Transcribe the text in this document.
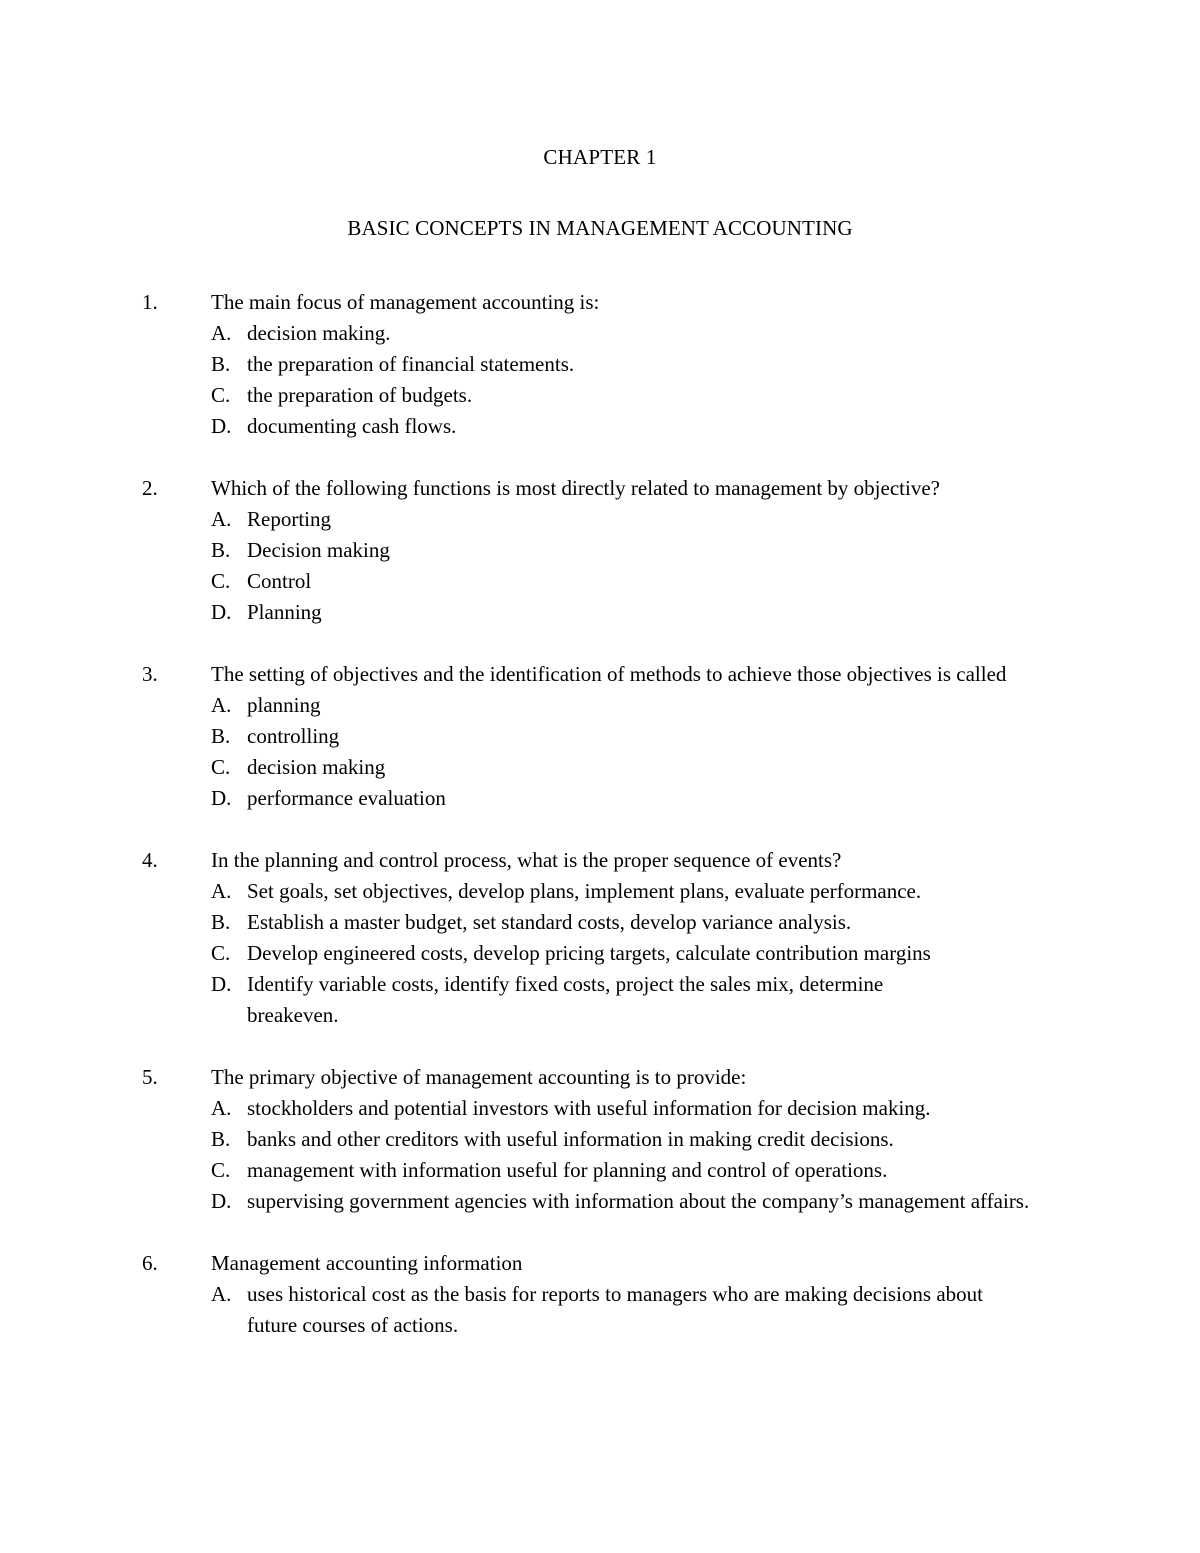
CHAPTER 1
BASIC CONCEPTS IN MANAGEMENT ACCOUNTING
1.	The main focus of management accounting is:
A. decision making.
B. the preparation of financial statements.
C. the preparation of budgets.
D. documenting cash flows.
2.	Which of the following functions is most directly related to management by objective?
A. Reporting
B. Decision making
C. Control
D. Planning
3.	The setting of objectives and the identification of methods to achieve those objectives is called
A. planning
B. controlling
C. decision making
D. performance evaluation
4.	In the planning and control process, what is the proper sequence of events?
A. Set goals, set objectives, develop plans, implement plans, evaluate performance.
B. Establish a master budget, set standard costs, develop variance analysis.
C. Develop engineered costs, develop pricing targets, calculate contribution margins
D. Identify variable costs, identify fixed costs, project the sales mix, determine breakeven.
5.	The primary objective of management accounting is to provide:
A. stockholders and potential investors with useful information for decision making.
B. banks and other creditors with useful information in making credit decisions.
C. management with information useful for planning and control of operations.
D. supervising government agencies with information about the company’s management affairs.
6.	Management accounting information
A. uses historical cost as the basis for reports to managers who are making decisions about future courses of actions.
